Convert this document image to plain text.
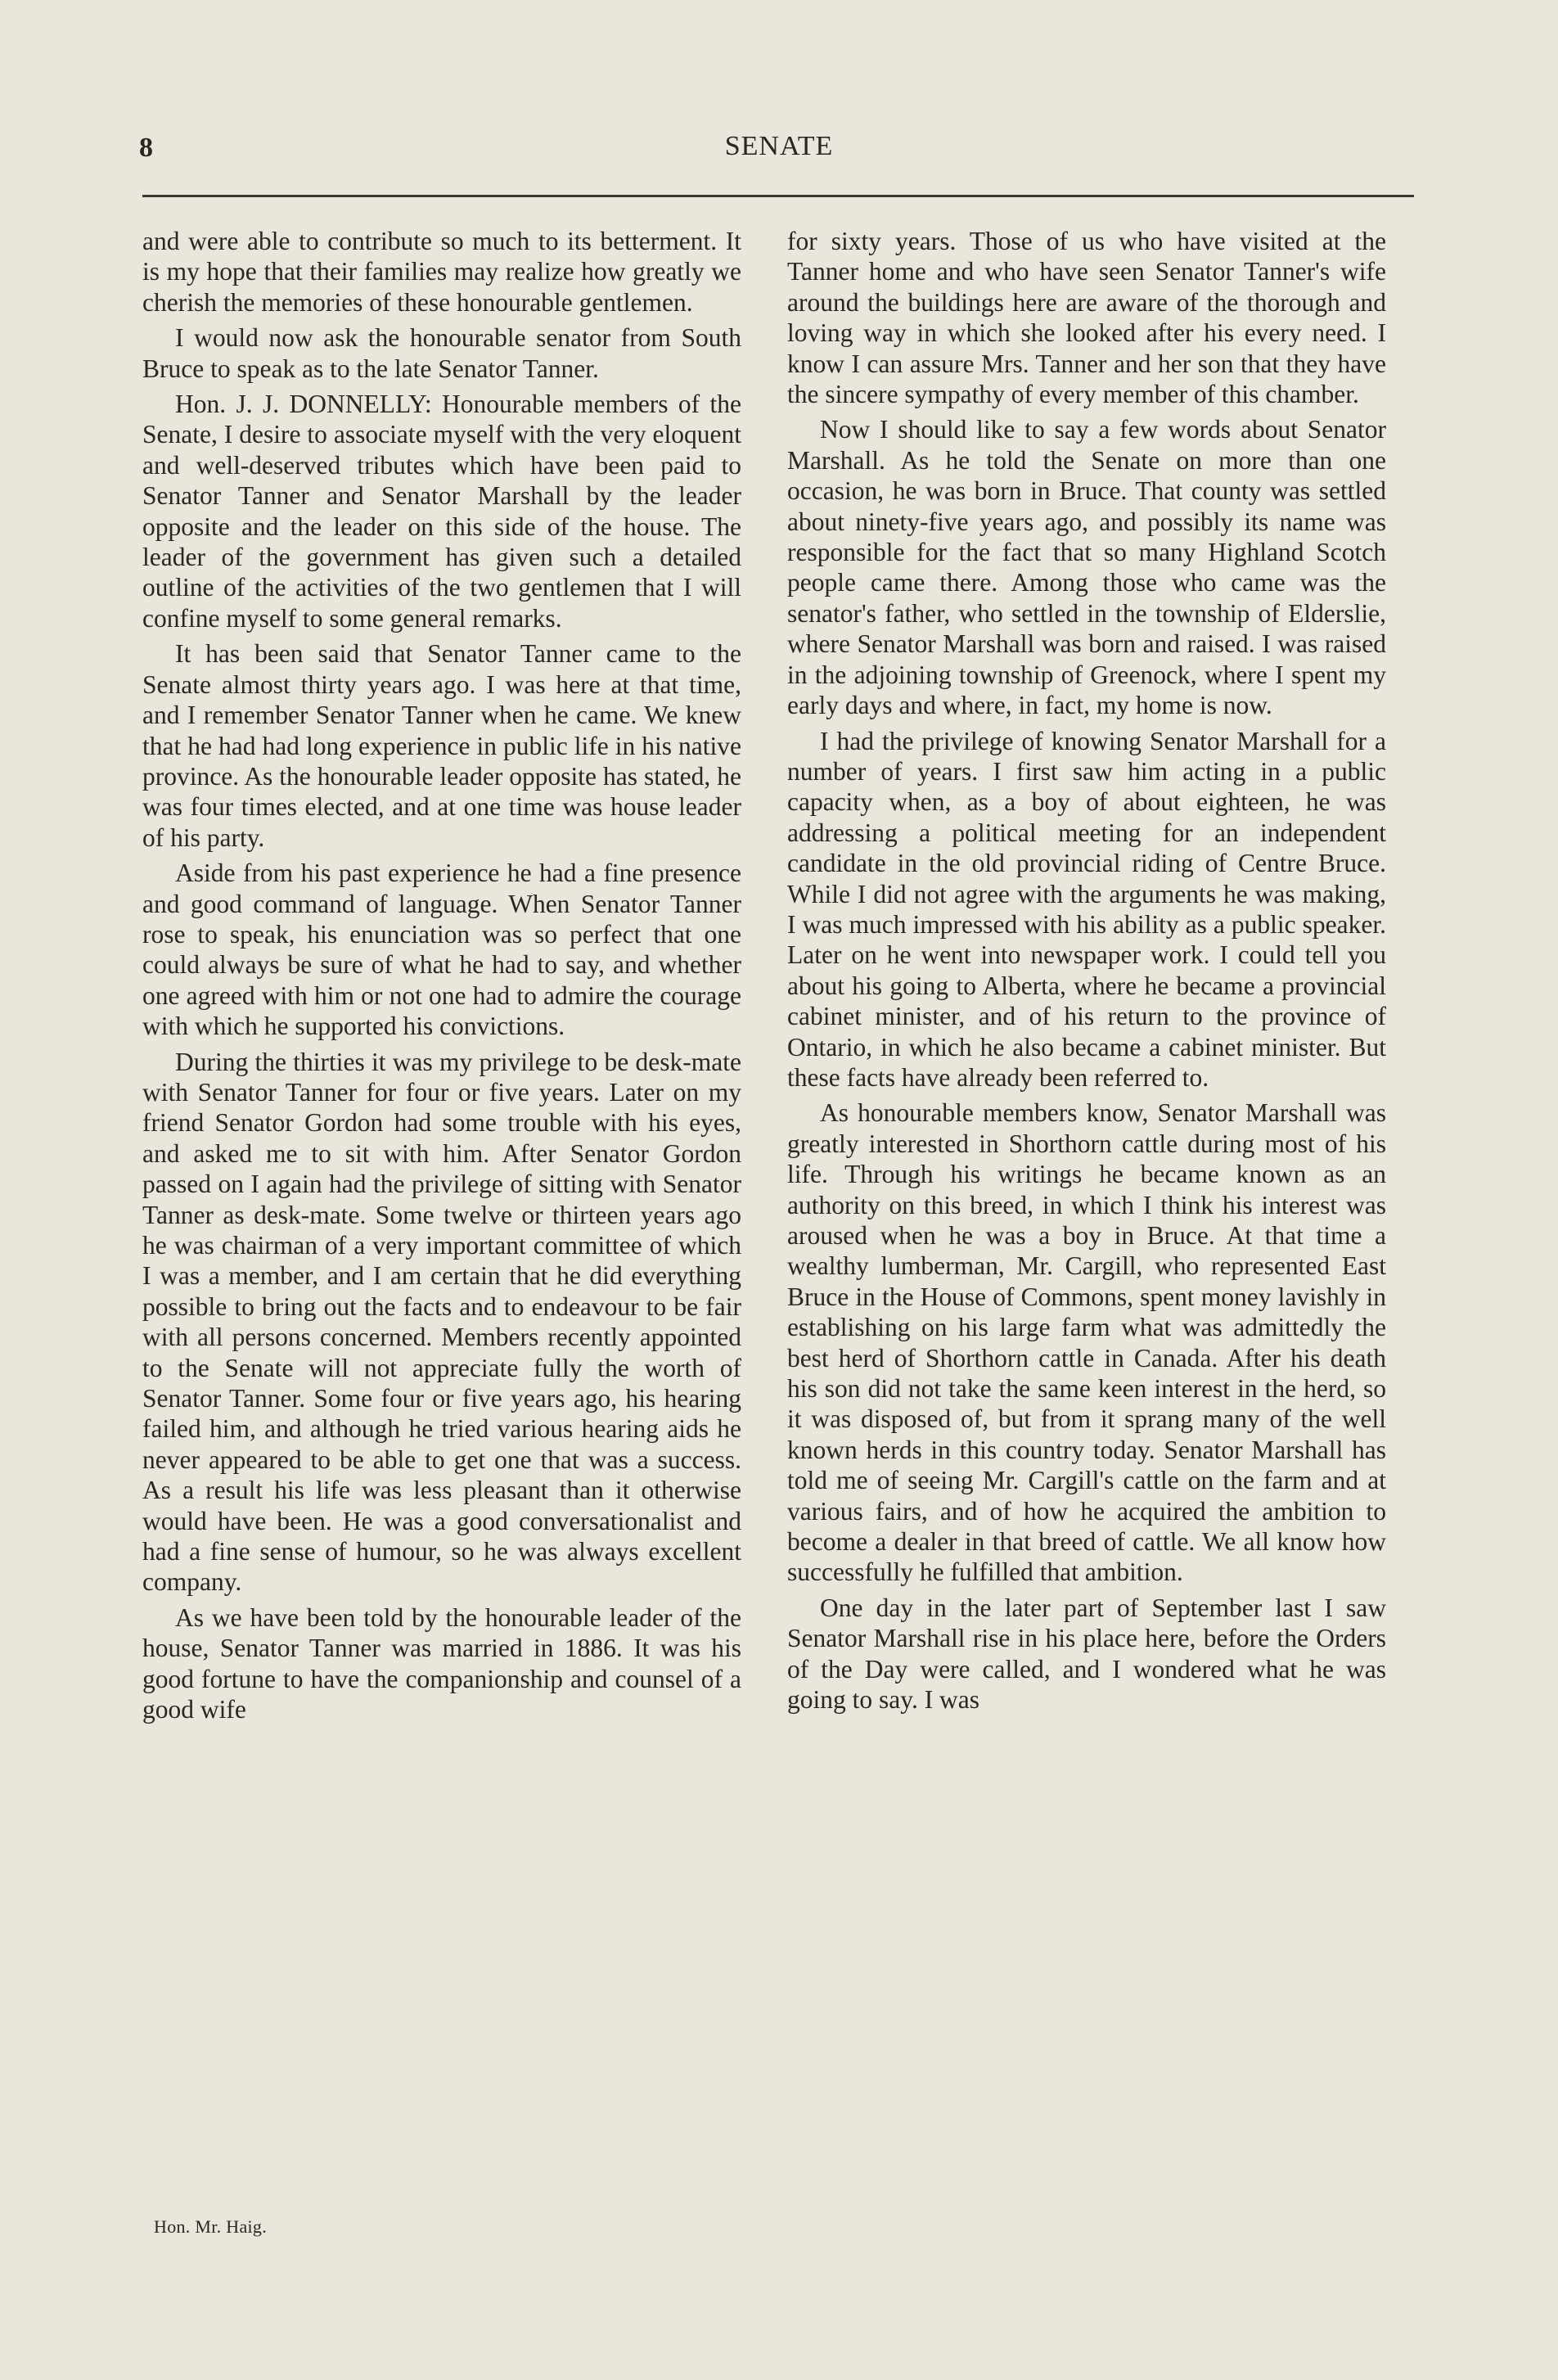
8	SENATE

and were able to contribute so much to its betterment. It is my hope that their families may realize how greatly we cherish the memories of these honourable gentlemen.

I would now ask the honourable senator from South Bruce to speak as to the late Senator Tanner.

Hon. J. J. DONNELLY: Honourable members of the Senate, I desire to associate myself with the very eloquent and well-deserved tributes which have been paid to Senator Tanner and Senator Marshall by the leader opposite and the leader on this side of the house. The leader of the government has given such a detailed outline of the activities of the two gentlemen that I will confine myself to some general remarks.

It has been said that Senator Tanner came to the Senate almost thirty years ago. I was here at that time, and I remember Senator Tanner when he came. We knew that he had had long experience in public life in his native province. As the honourable leader opposite has stated, he was four times elected, and at one time was house leader of his party.

Aside from his past experience he had a fine presence and good command of language. When Senator Tanner rose to speak, his enunciation was so perfect that one could always be sure of what he had to say, and whether one agreed with him or not one had to admire the courage with which he supported his convictions.

During the thirties it was my privilege to be desk-mate with Senator Tanner for four or five years. Later on my friend Senator Gordon had some trouble with his eyes, and asked me to sit with him. After Senator Gordon passed on I again had the privilege of sitting with Senator Tanner as desk-mate. Some twelve or thirteen years ago he was chairman of a very important committee of which I was a member, and I am certain that he did everything possible to bring out the facts and to endeavour to be fair with all persons concerned. Members recently appointed to the Senate will not appreciate fully the worth of Senator Tanner. Some four or five years ago, his hearing failed him, and although he tried various hearing aids he never appeared to be able to get one that was a success. As a result his life was less pleasant than it otherwise would have been. He was a good conversationalist and had a fine sense of humour, so he was always excellent company.

As we have been told by the honourable leader of the house, Senator Tanner was married in 1886. It was his good fortune to have the companionship and counsel of a good wife

for sixty years. Those of us who have visited at the Tanner home and who have seen Senator Tanner's wife around the buildings here are aware of the thorough and loving way in which she looked after his every need. I know I can assure Mrs. Tanner and her son that they have the sincere sympathy of every member of this chamber.

Now I should like to say a few words about Senator Marshall. As he told the Senate on more than one occasion, he was born in Bruce. That county was settled about ninety-five years ago, and possibly its name was responsible for the fact that so many Highland Scotch people came there. Among those who came was the senator's father, who settled in the township of Elderslie, where Senator Marshall was born and raised. I was raised in the adjoining township of Greenock, where I spent my early days and where, in fact, my home is now.

I had the privilege of knowing Senator Marshall for a number of years. I first saw him acting in a public capacity when, as a boy of about eighteen, he was addressing a political meeting for an independent candidate in the old provincial riding of Centre Bruce. While I did not agree with the arguments he was making, I was much impressed with his ability as a public speaker. Later on he went into newspaper work. I could tell you about his going to Alberta, where he became a provincial cabinet minister, and of his return to the province of Ontario, in which he also became a cabinet minister. But these facts have already been referred to.

As honourable members know, Senator Marshall was greatly interested in Shorthorn cattle during most of his life. Through his writings he became known as an authority on this breed, in which I think his interest was aroused when he was a boy in Bruce. At that time a wealthy lumberman, Mr. Cargill, who represented East Bruce in the House of Commons, spent money lavishly in establishing on his large farm what was admittedly the best herd of Shorthorn cattle in Canada. After his death his son did not take the same keen interest in the herd, so it was disposed of, but from it sprang many of the well known herds in this country today. Senator Marshall has told me of seeing Mr. Cargill's cattle on the farm and at various fairs, and of how he acquired the ambition to become a dealer in that breed of cattle. We all know how successfully he fulfilled that ambition.

One day in the later part of September last I saw Senator Marshall rise in his place here, before the Orders of the Day were called, and I wondered what he was going to say. I was

Hon. Mr. Haig.
